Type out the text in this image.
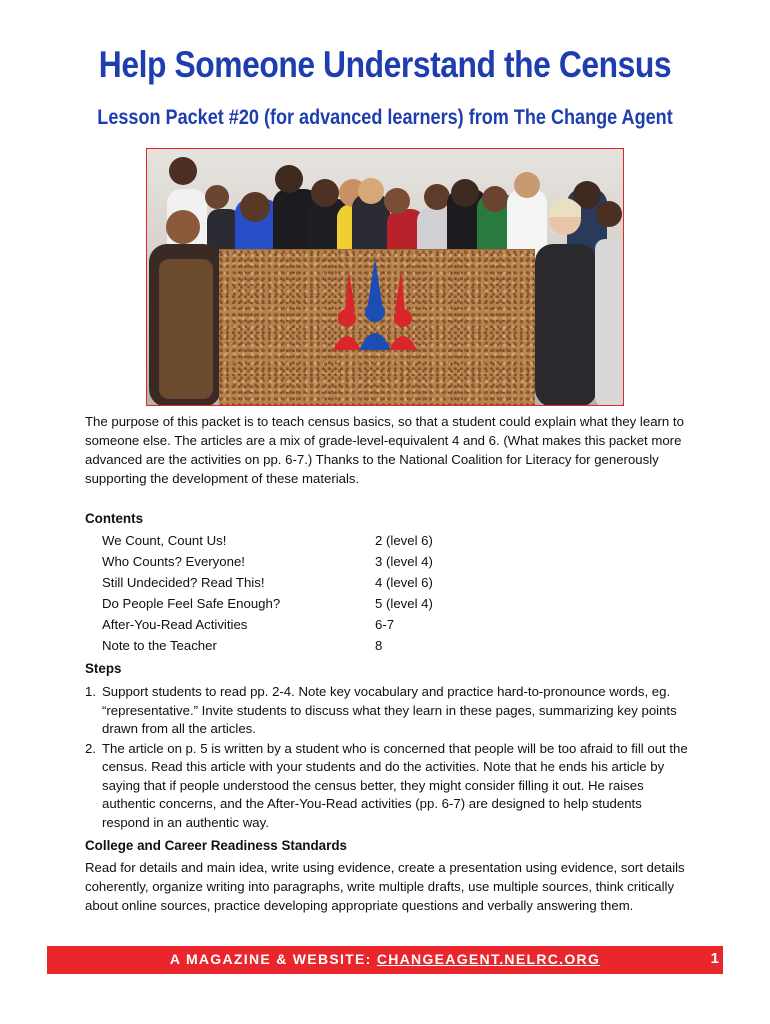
Help Someone Understand the Census
Lesson Packet #20 (for advanced learners) from The Change Agent

The purpose of this packet is to teach census basics, so that a student could explain what they learn to someone else. The articles are a mix of grade-level-equivalent 4 and 6. (What makes this packet more advanced are the activities on pp. 6-7.) Thanks to the National Coalition for Literacy for generously supporting the development of these materials.
Contents
We Count, Count Us!	2 (level 6)
Who Counts? Everyone!	3 (level 4)
Still Undecided? Read This!	4 (level 6)
Do People Feel Safe Enough?	5 (level 4)
After-You-Read Activities	6-7
Note to the Teacher	8
Steps
1. Support students to read pp. 2-4. Note key vocabulary and practice hard-to-pronounce words, eg. “representative.” Invite students to discuss what they learn in these pages, summarizing key points drawn from all the articles.
2. The article on p. 5 is written by a student who is concerned that people will be too afraid to fill out the census. Read this article with your students and do the activities. Note that he ends his article by saying that if people understood the census better, they might consider filling it out. He raises authentic concerns, and the After-You-Read activities (pp. 6-7) are designed to help students respond in an authentic way.
College and Career Readiness Standards
Read for details and main idea, write using evidence, create a presentation using evidence, sort details coherently, organize writing into paragraphs, write multiple drafts, use multiple sources, think critically about online sources, practice developing appropriate questions and verbally answering them.
A MAGAZINE & WEBSITE: CHANGEAGENT.NELRC.ORG	1
